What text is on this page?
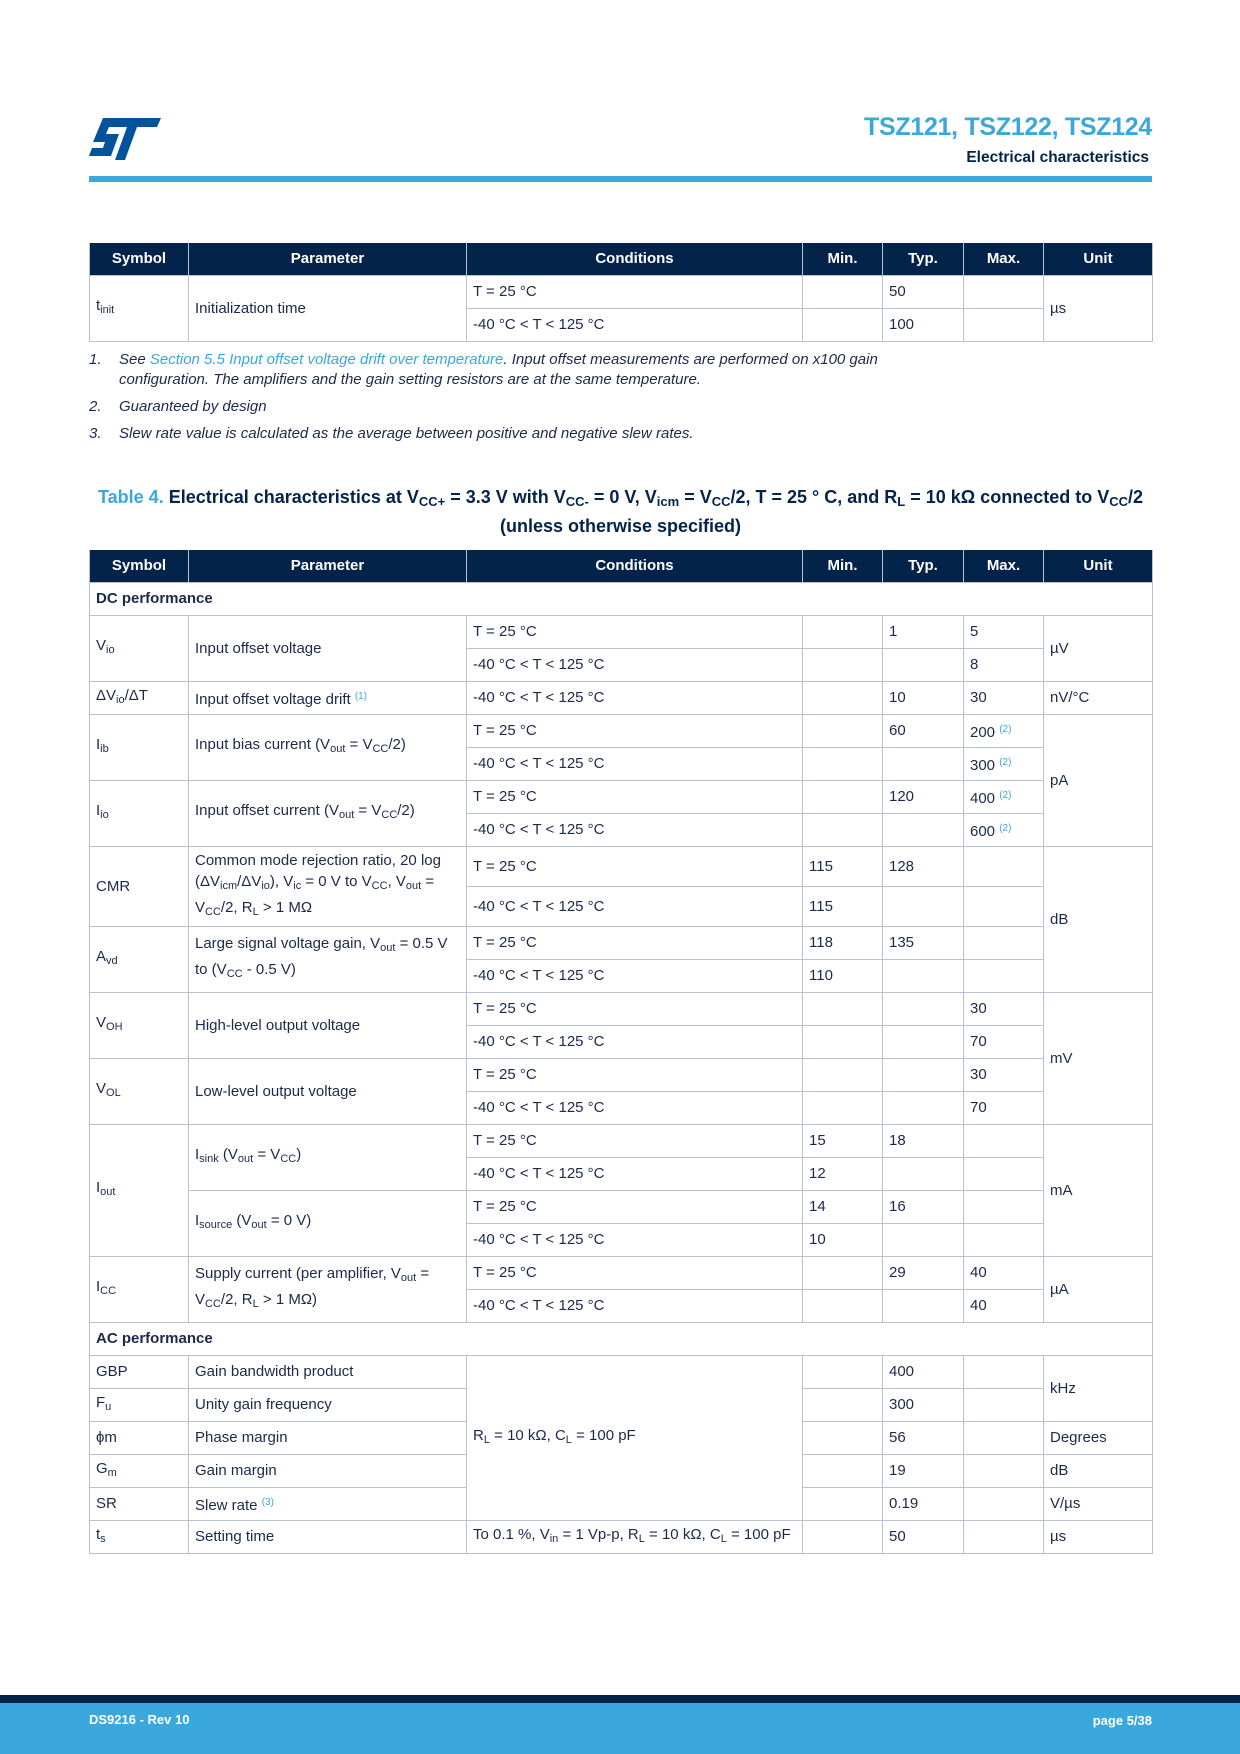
TSZ121, TSZ122, TSZ124
Electrical characteristics
Symbol	Parameter	Conditions	Min.	Typ.	Max.	Unit
$t_{init}$	Initialization time	T = 25 °C		50		µs
		-40 °C < T < 125 °C		100		
1.	See Section 5.5 Input offset voltage drift over temperature. Input offset measurements are performed on x100 gain configuration. The amplifiers and the gain setting resistors are at the same temperature.
2.	Guaranteed by design
3.	Slew rate value is calculated as the average between positive and negative slew rates.
Table 4. Electrical characteristics at $V_{CC+} = 3.3$ V with $V_{CC-} = 0$ V, $V_{icm} = V_{CC}/2$, T = 25 ° C, and $R_L = 10$ kΩ connected to $V_{CC}/2$ (unless otherwise specified)
Symbol	Parameter	Conditions	Min.	Typ.	Max.	Unit
DC performance						
$V_{io}$	Input offset voltage	T = 25 °C		1	5	µV
		-40 °C < T < 125 °C			8	
$\Delta V_{io}/\Delta T$	Input offset voltage drift $^{(1)}$	-40 °C < T < 125 °C		10	30	nV/°C
$I_{ib}$	Input bias current $(V_{out} = V_{CC}/2)$	T = 25 °C		60	200 $^{(2)}$	pA
		-40 °C < T < 125 °C			300 $^{(2)}$
$I_{io}$	Input offset current $(V_{out} = V_{CC}/2)$	T = 25 °C		120	400 $^{(2)}$
		-40 °C < T < 125 °C			600 $^{(2)}$
CMR	Common mode rejection ratio, 20 $\log (\Delta V_{icm}/\Delta V_{io})$, $V_{ic} = 0$ V to $V_{CC}$, $V_{out} = V_{CC}/2$, $R_L > 1$ MΩ	T = 25 °C	115	128		dB
		-40 °C < T < 125 °C	115			
$A_{vd}$	Large signal voltage gain, $V_{out} = 0.5$ V to ($V_{CC} - 0.5$ V)	T = 25 °C	118	135		
		-40 °C < T < 125 °C	110			
$V_{OH}$	High-level output voltage	T = 25 °C			30	mV
		-40 °C < T < 125 °C			70	
$V_{OL}$	Low-level output voltage	T = 25 °C			30	
		-40 °C < T < 125 °C			70	
$I_{out}$	$I_{sink}$ $(V_{out} = V_{CC})$	T = 25 °C	15	18		mA
		-40 °C < T < 125 °C	12			
	$I_{source}$ ($V_{out} = 0$ V)	T = 25 °C	14	16		
		-40 °C < T < 125 °C	10			
$I_{CC}$	Supply current (per amplifier, $V_{out} = V_{CC}/2$, $R_L > 1$ MΩ)	T = 25 °C		29	40	µA
		-40 °C < T < 125 °C			40	
AC performance						
GBP	Gain bandwidth product	$R_L = 10$ kΩ, $C_L = 100$ pF		400		kHz
$F_u$	Unity gain frequency			300		
ϕm	Phase margin			56		Degrees
$G_m$	Gain margin			19		dB
SR	Slew rate $^{(3)}$			0.19		V/µs
$t_s$	Setting time	To 0.1 %, $V_{in} = 1$ Vp-p, $R_L = 10$ kΩ, $C_L = 100$ pF		50		µs
DS9216 - Rev 10	page 5/38
